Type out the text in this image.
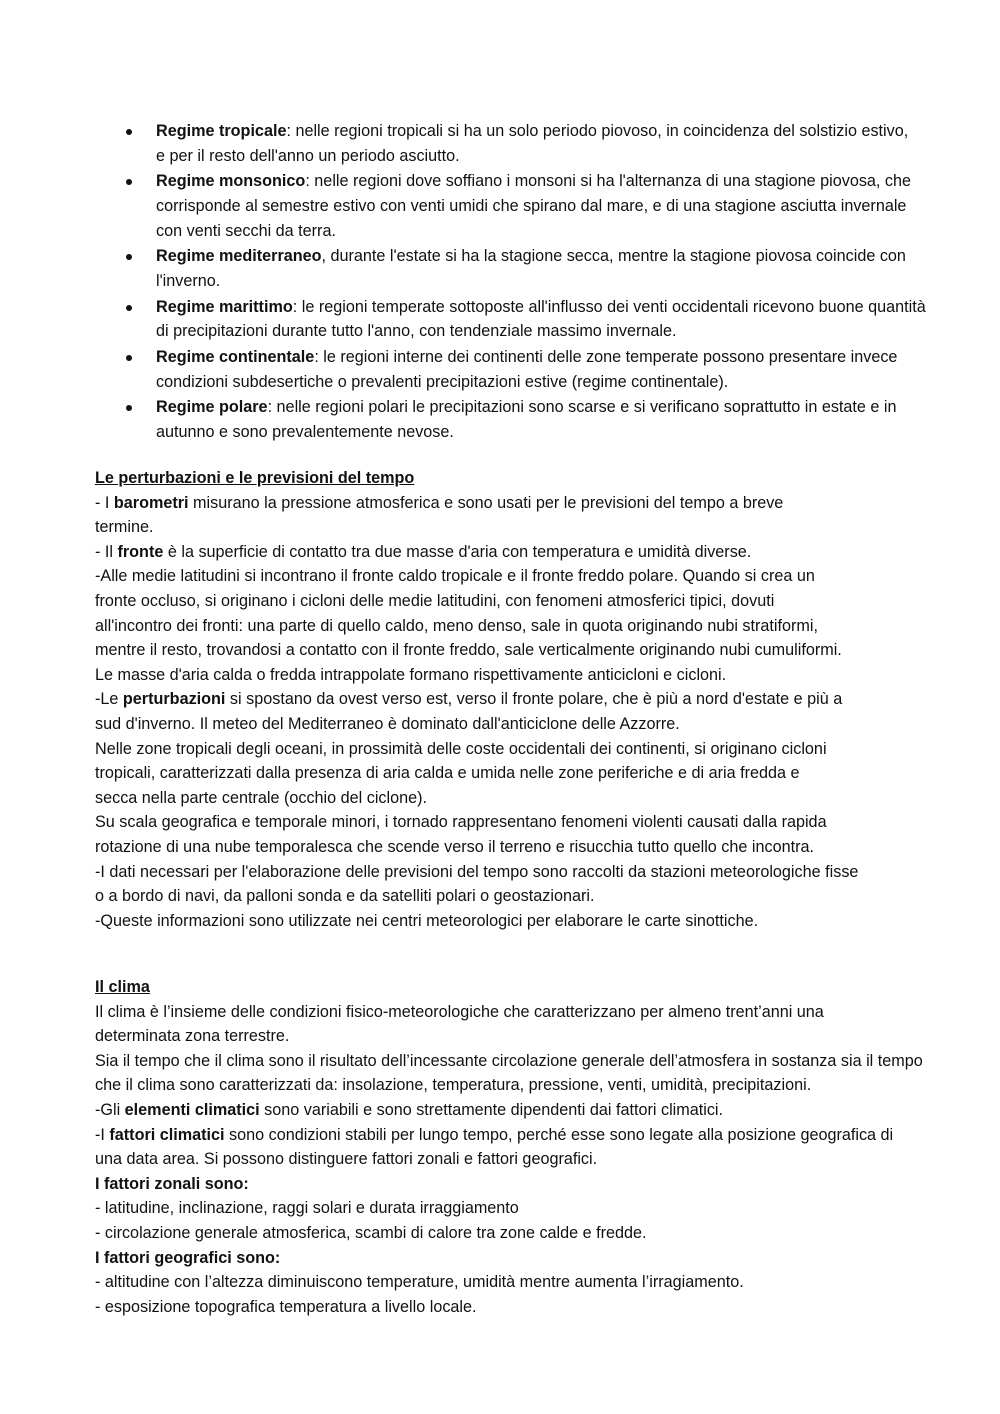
Regime tropicale: nelle regioni tropicali si ha un solo periodo piovoso, in coincidenza del solstizio estivo, e per il resto dell'anno un periodo asciutto.
Regime monsonico: nelle regioni dove soffiano i monsoni si ha l'alternanza di una stagione piovosa, che corrisponde al semestre estivo con venti umidi che spirano dal mare, e di una stagione asciutta invernale con venti secchi da terra.
Regime mediterraneo, durante l'estate si ha la stagione secca, mentre la stagione piovosa coincide con l'inverno.
Regime marittimo: le regioni temperate sottoposte all'influsso dei venti occidentali ricevono buone quantità di precipitazioni durante tutto l'anno, con tendenziale massimo invernale.
Regime continentale: le regioni interne dei continenti delle zone temperate possono presentare invece condizioni subdesertiche o prevalenti precipitazioni estive (regime continentale).
Regime polare: nelle regioni polari le precipitazioni sono scarse e si verificano soprattutto in estate e in autunno e sono prevalentemente nevose.

Le perturbazioni e le previsioni del tempo

- I barometri misurano la pressione atmosferica e sono usati per le previsioni del tempo a breve termine.

- Il fronte è la superficie di contatto tra due masse d'aria con temperatura e umidità diverse.

-Alle medie latitudini si incontrano il fronte caldo tropicale e il fronte freddo polare. Quando si crea un fronte occluso, si originano i cicloni delle medie latitudini, con fenomeni atmosferici tipici, dovuti all'incontro dei fronti: una parte di quello caldo, meno denso, sale in quota originando nubi stratiformi, mentre il resto, trovandosi a contatto con il fronte freddo, sale verticalmente originando nubi cumuliformi. Le masse d'aria calda o fredda intrappolate formano rispettivamente anticicloni e cicloni.

-Le perturbazioni si spostano da ovest verso est, verso il fronte polare, che è più a nord d'estate e più a sud d'inverno. Il meteo del Mediterraneo è dominato dall'anticiclone delle Azzorre.

Nelle zone tropicali degli oceani, in prossimità delle coste occidentali dei continenti, si originano cicloni tropicali, caratterizzati dalla presenza di aria calda e umida nelle zone periferiche e di aria fredda e secca nella parte centrale (occhio del ciclone).

Su scala geografica e temporale minori, i tornado rappresentano fenomeni violenti causati dalla rapida rotazione di una nube temporalesca che scende verso il terreno e risucchia tutto quello che incontra.

-I dati necessari per l'elaborazione delle previsioni del tempo sono raccolti da stazioni meteorologiche fisse o a bordo di navi, da palloni sonda e da satelliti polari o geostazionari.

-Queste informazioni sono utilizzate nei centri meteorologici per elaborare le carte sinottiche.

Il clima

Il clima è l’insieme delle condizioni fisico-meteorologiche che caratterizzano per almeno trent’anni una determinata zona terrestre.

Sia il tempo che il clima sono il risultato dell’incessante circolazione generale dell’atmosfera in sostanza sia il tempo che il clima sono caratterizzati da: insolazione, temperatura, pressione, venti, umidità, precipitazioni.

-Gli elementi climatici sono variabili e sono strettamente dipendenti dai fattori climatici.

-I fattori climatici sono condizioni stabili per lungo tempo, perché esse sono legate alla posizione geografica di una data area. Si possono distinguere fattori zonali e fattori geografici.

I fattori zonali sono:

- latitudine, inclinazione, raggi solari e durata irraggiamento

- circolazione generale atmosferica, scambi di calore tra zone calde e fredde.

I fattori geografici sono:

- altitudine con l’altezza diminuiscono temperature, umidità mentre aumenta l’irragiamento.

- esposizione topografica temperatura a livello locale.
